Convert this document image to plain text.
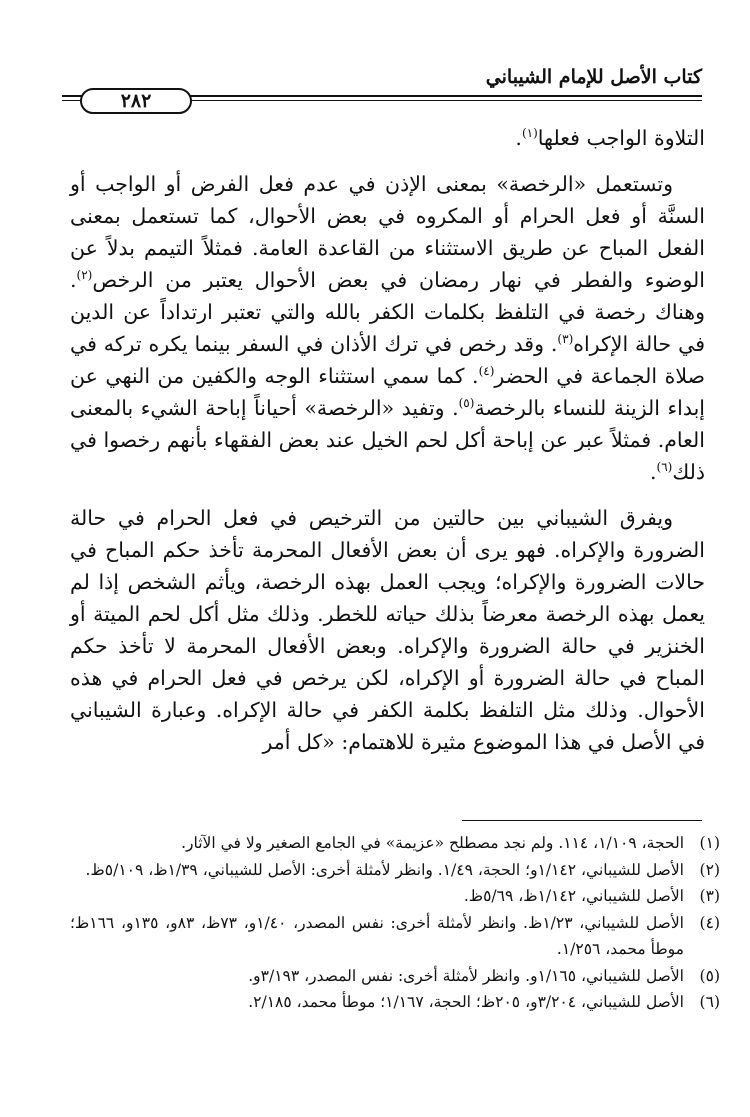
كتاب الأصل للإمام الشيباني
٢٨٢

التلاوة الواجب فعلها$^{(١)}$.

وتستعمل «الرخصة» بمعنى الإذن في عدم فعل الفرض أو الواجب أو السنَّة أو فعل الحرام أو المكروه في بعض الأحوال، كما تستعمل بمعنى الفعل المباح عن طريق الاستثناء من القاعدة العامة. فمثلاً التيمم بدلاً عن الوضوء والفطر في نهار رمضان في بعض الأحوال يعتبر من الرخص$^{(٢)}$. وهناك رخصة في التلفظ بكلمات الكفر بالله والتي تعتبر ارتداداً عن الدين في حالة الإكراه$^{(٣)}$. وقد رخص في ترك الأذان في السفر بينما يكره تركه في صلاة الجماعة في الحضر$^{(٤)}$. كما سمي استثناء الوجه والكفين من النهي عن إبداء الزينة للنساء بالرخصة$^{(٥)}$. وتفيد «الرخصة» أحياناً إباحة الشيء بالمعنى العام. فمثلاً عبر عن إباحة أكل لحم الخيل عند بعض الفقهاء بأنهم رخصوا في ذلك$^{(٦)}$.

ويفرق الشيباني بين حالتين من الترخيص في فعل الحرام في حالة الضرورة والإكراه. فهو يرى أن بعض الأفعال المحرمة تأخذ حكم المباح في حالات الضرورة والإكراه؛ ويجب العمل بهذه الرخصة، ويأثم الشخص إذا لم يعمل بهذه الرخصة معرضاً بذلك حياته للخطر. وذلك مثل أكل لحم الميتة أو الخنزير في حالة الضرورة والإكراه. وبعض الأفعال المحرمة لا تأخذ حكم المباح في حالة الضرورة أو الإكراه، لكن يرخص في فعل الحرام في هذه الأحوال. وذلك مثل التلفظ بكلمة الكفر في حالة الإكراه. وعبارة الشيباني في الأصل في هذا الموضوع مثيرة للاهتمام: «كل أمر

(١)
الحجة، ١/١٠٩، ١١٤. ولم نجد مصطلح «عزيمة» في الجامع الصغير ولا في الآثار.
(٢)
الأصل للشيباني، ١/١٤٢و؛ الحجة، ١/٤٩. وانظر لأمثلة أخرى: الأصل للشيباني، ١/٣٩ظ، ٥/١٠٩ظ.
(٣)
الأصل للشيباني، ١/١٤٢ظ، ٥/٦٩ظ.
(٤)
الأصل للشيباني، ١/٢٣ظ. وانظر لأمثلة أخرى: نفس المصدر، ١/٤٠و، ٧٣ظ، ٨٣و، ١٣٥و، ١٦٦ظ؛ موطأ محمد، ١/٢٥٦.
(٥)
الأصل للشيباني، ١/١٦٥و. وانظر لأمثلة أخرى: نفس المصدر، ٣/١٩٣و.
(٦)
الأصل للشيباني، ٣/٢٠٤و، ٢٠٥ظ؛ الحجة، ١/١٦٧؛ موطأ محمد، ٢/١٨٥.
